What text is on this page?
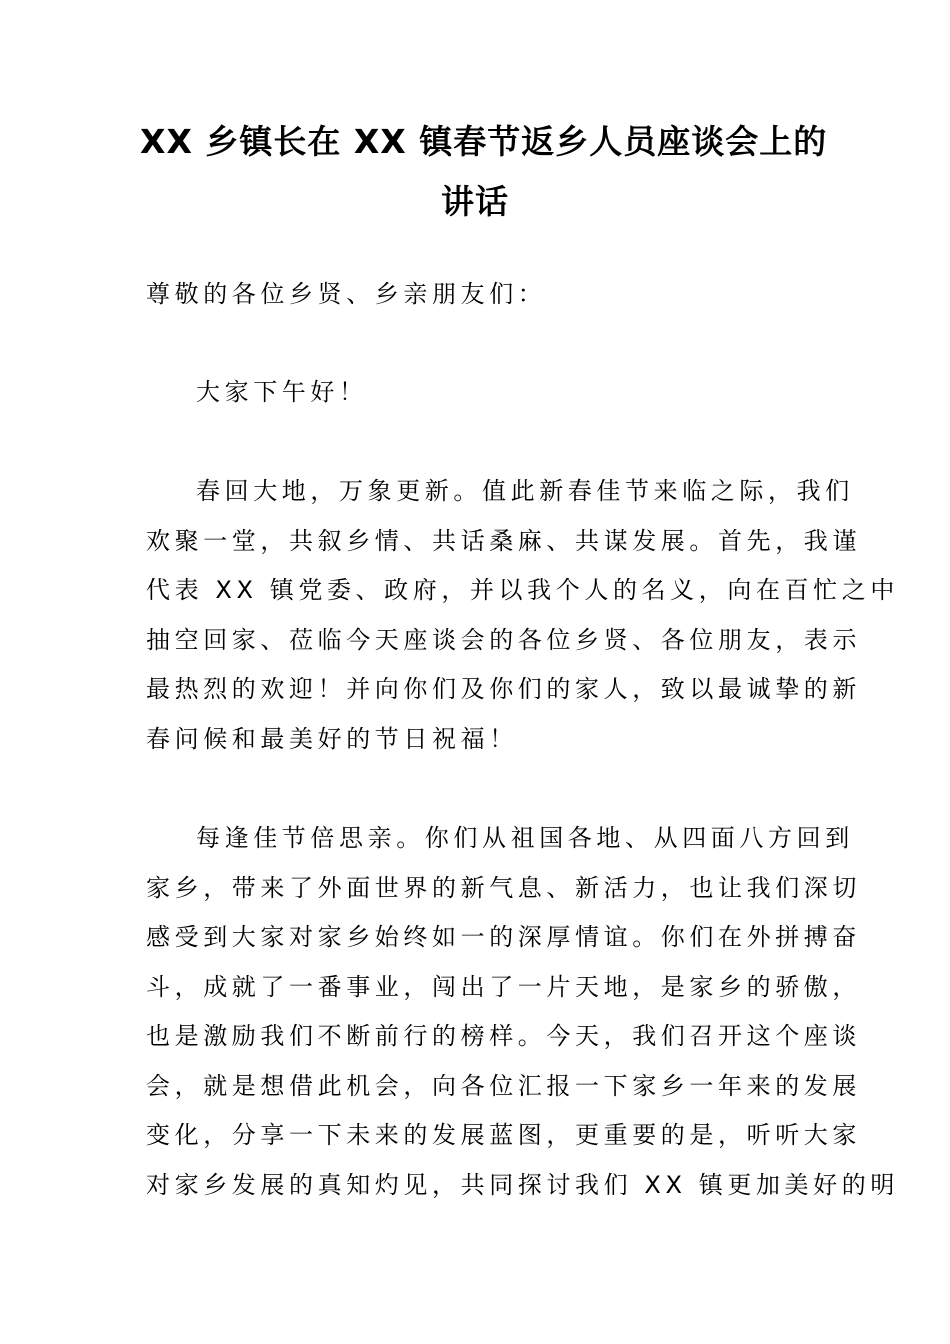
XX 乡镇长在 XX 镇春节返乡人员座谈会上的
讲话
尊敬的各位乡贤、乡亲朋友们：
大家下午好！
春回大地，万象更新。值此新春佳节来临之际，我们
欢聚一堂，共叙乡情、共话桑麻、共谋发展。首先，我谨
代表 XX 镇党委、政府，并以我个人的名义，向在百忙之中
抽空回家、莅临今天座谈会的各位乡贤、各位朋友，表示
最热烈的欢迎！并向你们及你们的家人，致以最诚挚的新
春问候和最美好的节日祝福！
每逢佳节倍思亲。你们从祖国各地、从四面八方回到
家乡，带来了外面世界的新气息、新活力，也让我们深切
感受到大家对家乡始终如一的深厚情谊。你们在外拼搏奋
斗，成就了一番事业，闯出了一片天地，是家乡的骄傲，
也是激励我们不断前行的榜样。今天，我们召开这个座谈
会，就是想借此机会，向各位汇报一下家乡一年来的发展
变化，分享一下未来的发展蓝图，更重要的是，听听大家
对家乡发展的真知灼见，共同探讨我们 XX 镇更加美好的明
